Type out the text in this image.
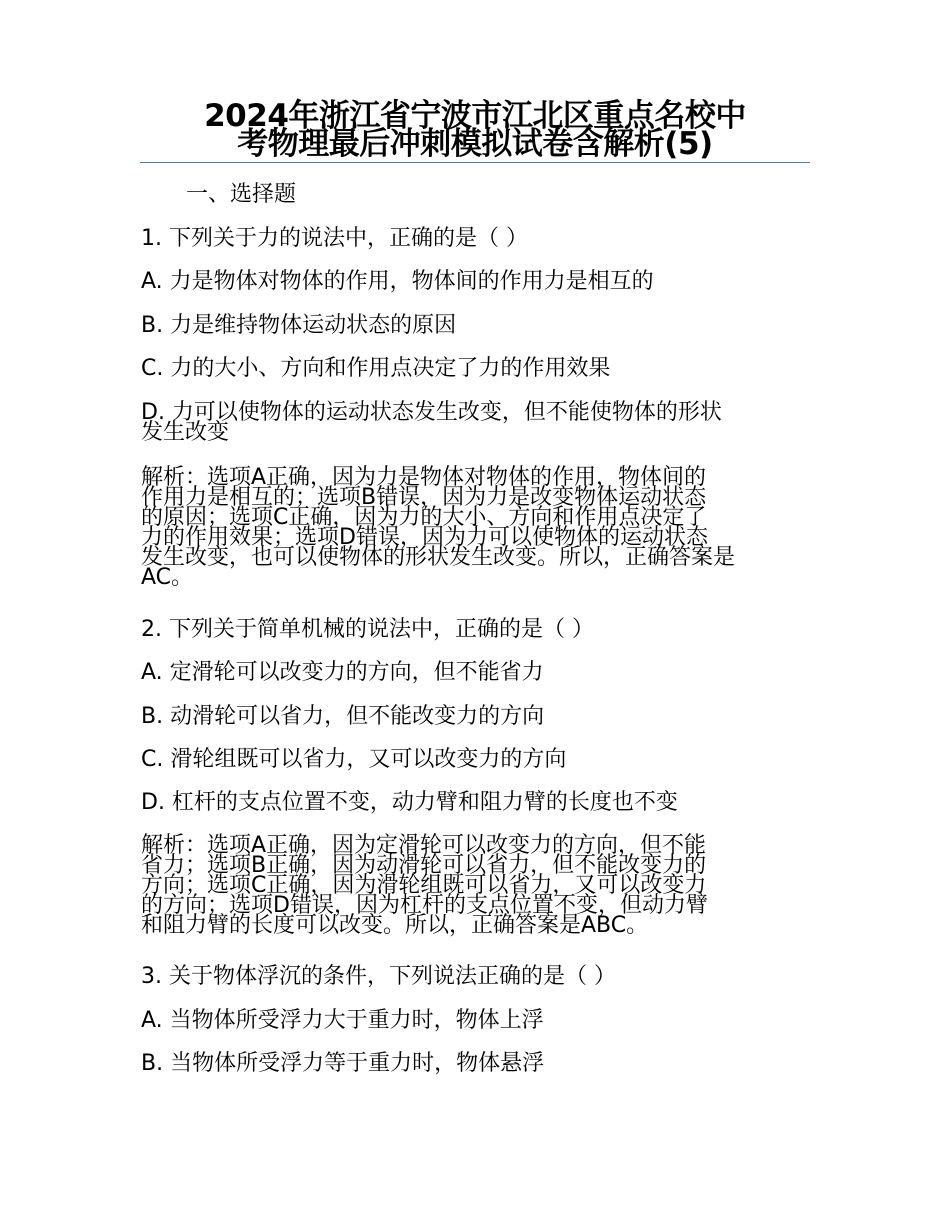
2024年浙江省宁波市江北区重点名校中
考物理最后冲刺模拟试卷含解析(5)
一、选择题
1. 下列关于力的说法中，正确的是（ ）
A. 力是物体对物体的作用，物体间的作用力是相互的
B. 力是维持物体运动状态的原因
C. 力的大小、方向和作用点决定了力的作用效果
D. 力可以使物体的运动状态发生改变，但不能使物体的形状
发生改变
解析：选项A正确，因为力是物体对物体的作用，物体间的
作用力是相互的；选项B错误，因为力是改变物体运动状态
的原因；选项C正确，因为力的大小、方向和作用点决定了
力的作用效果；选项D错误，因为力可以使物体的运动状态
发生改变，也可以使物体的形状发生改变。所以，正确答案是
AC。
2. 下列关于简单机械的说法中，正确的是（ ）
A. 定滑轮可以改变力的方向，但不能省力
B. 动滑轮可以省力，但不能改变力的方向
C. 滑轮组既可以省力，又可以改变力的方向
D. 杠杆的支点位置不变，动力臂和阻力臂的长度也不变
解析：选项A正确，因为定滑轮可以改变力的方向，但不能
省力；选项B正确，因为动滑轮可以省力，但不能改变力的
方向；选项C正确，因为滑轮组既可以省力，又可以改变力
的方向；选项D错误，因为杠杆的支点位置不变，但动力臂
和阻力臂的长度可以改变。所以，正确答案是ABC。
3. 关于物体浮沉的条件，下列说法正确的是（ ）
A. 当物体所受浮力大于重力时，物体上浮
B. 当物体所受浮力等于重力时，物体悬浮
